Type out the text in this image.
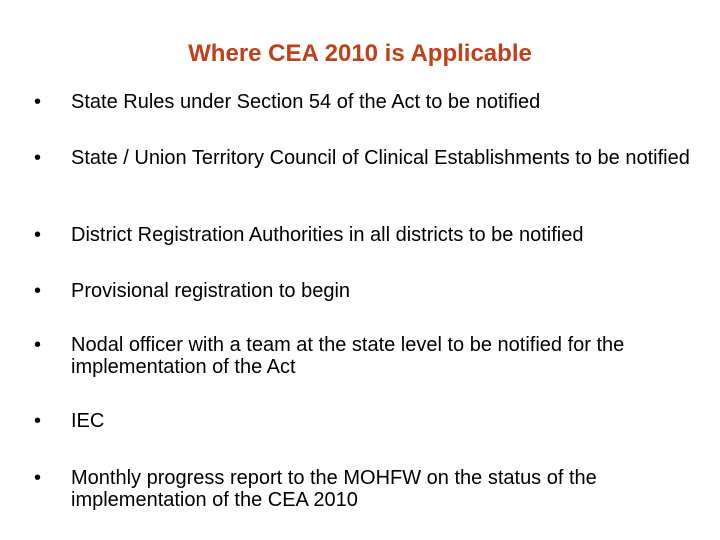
Where CEA 2010 is Applicable
•	State Rules under Section 54 of the Act to be notified
•	State / Union Territory Council of Clinical Establishments to be notified
•	District Registration Authorities in all districts to be notified
•	Provisional registration to begin
•	Nodal officer with a team at the state level to be notified for the implementation of the Act
•	IEC
•	Monthly progress report to the MOHFW on the status of the implementation of the CEA 2010
